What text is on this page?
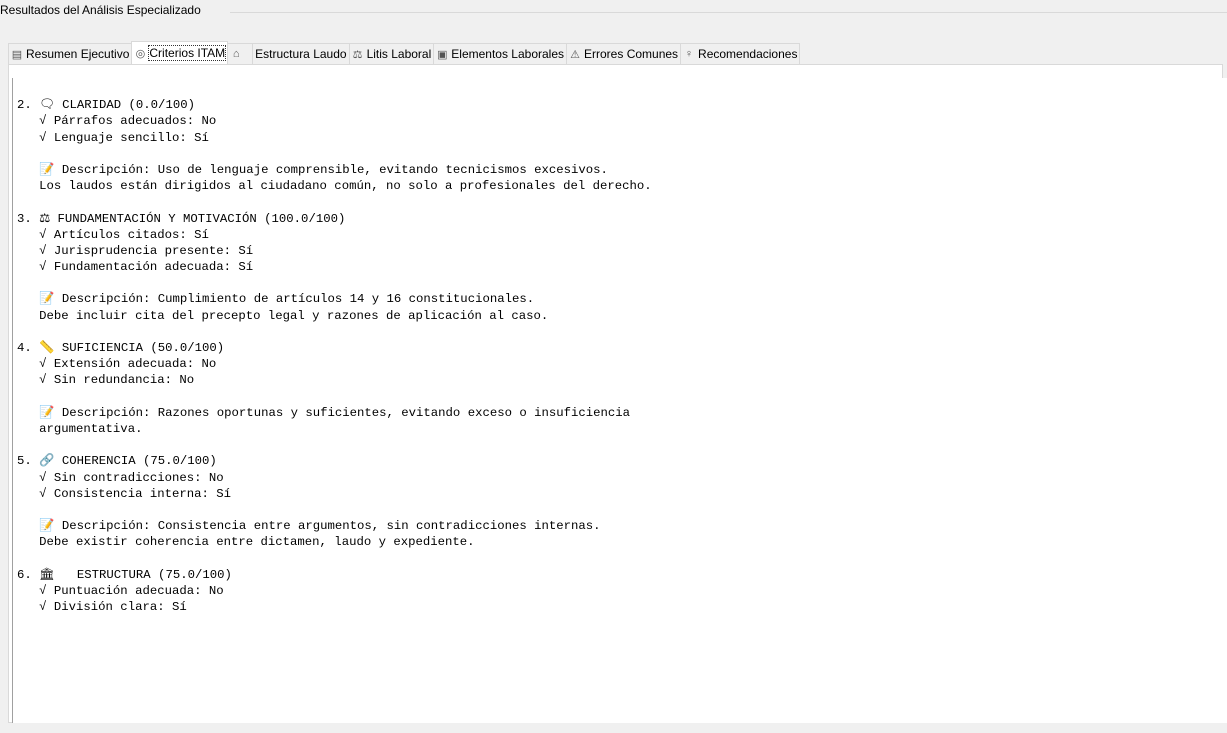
Resultados del Análisis Especializado
▤ Resumen Ejecutivo ◎ Criterios ITAM ⌂ Estructura Laudo ⚖ Litis Laboral ▣ Elementos Laborales ⚠ Errores Comunes ♀ Recomendaciones

2. 🗨 CLARIDAD (0.0/100)
√ Párrafos adecuados: No
√ Lenguaje sencillo: Sí
📝 Descripción: Uso de lenguaje comprensible, evitando tecnicismos excesivos.
Los laudos están dirigidos al ciudadano común, no solo a profesionales del derecho.
3. ⚖ FUNDAMENTACIÓN Y MOTIVACIÓN (100.0/100)
√ Artículos citados: Sí
√ Jurisprudencia presente: Sí
√ Fundamentación adecuada: Sí
📝 Descripción: Cumplimiento de artículos 14 y 16 constitucionales.
Debe incluir cita del precepto legal y razones de aplicación al caso.
4. 📏 SUFICIENCIA (50.0/100)
√ Extensión adecuada: No
√ Sin redundancia: No
📝 Descripción: Razones oportunas y suficientes, evitando exceso o insuficiencia
argumentativa.
5. 🔗 COHERENCIA (75.0/100)
√ Sin contradicciones: No
√ Consistencia interna: Sí
📝 Descripción: Consistencia entre argumentos, sin contradicciones internas.
Debe existir coherencia entre dictamen, laudo y expediente.
6. 🏛   ESTRUCTURA (75.0/100)
√ Puntuación adecuada: No
√ División clara: Sí
